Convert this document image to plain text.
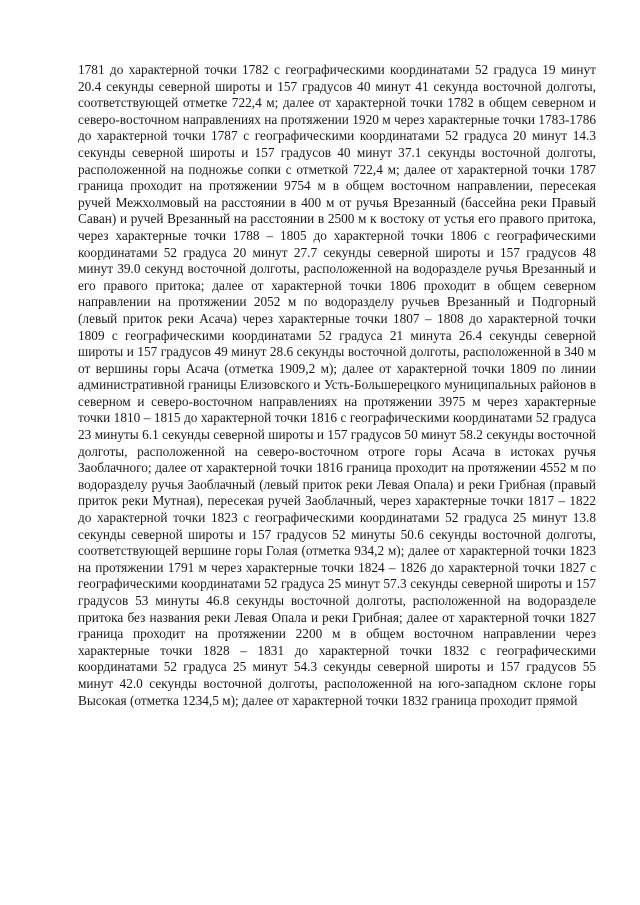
1781 до характерной точки 1782 с географическими координатами 52 градуса 19 минут 20.4 секунды северной широты и 157 градусов 40 минут 41 секунда восточной долготы, соответствующей отметке 722,4 м; далее от характерной точки 1782 в общем северном и северо-восточном направлениях на протяжении 1920 м через характерные точки 1783-1786 до характерной точки 1787 с географическими координатами 52 градуса 20 минут 14.3 секунды северной широты и 157 градусов 40 минут 37.1 секунды восточной долготы, расположенной на подножье сопки с отметкой 722,4 м; далее от характерной точки 1787 граница проходит на протяжении 9754 м в общем восточном направлении, пересекая ручей Межхолмовый на расстоянии в 400 м от ручья Врезанный (бассейна реки Правый Саван) и ручей Врезанный на расстоянии в 2500 м к востоку от устья его правого притока, через характерные точки 1788 – 1805 до характерной точки 1806 с географическими координатами 52 градуса 20 минут 27.7 секунды северной широты и 157 градусов 48 минут 39.0 секунд восточной долготы, расположенной на водоразделе ручья Врезанный и его правого притока; далее от характерной точки 1806 проходит в общем северном направлении на протяжении 2052 м по водоразделу ручьев Врезанный и Подгорный (левый приток реки Асача) через характерные точки 1807 – 1808 до характерной точки 1809 с географическими координатами 52 градуса 21 минута 26.4 секунды северной широты и 157 градусов 49 минут 28.6 секунды восточной долготы, расположенной в 340 м от вершины горы Асача (отметка 1909,2 м); далее от характерной точки 1809 по линии административной границы Елизовского и Усть-Большерецкого муниципальных районов в северном и северо-восточном направлениях на протяжении 3975 м через характерные точки 1810 – 1815 до характерной точки 1816 с географическими координатами 52 градуса 23 минуты 6.1 секунды северной широты и 157 градусов 50 минут 58.2 секунды восточной долготы, расположенной на северо-восточном отроге горы Асача в истоках ручья Заоблачного; далее от характерной точки 1816 граница проходит на протяжении 4552 м по водоразделу ручья Заоблачный (левый приток реки Левая Опала) и реки Грибная (правый приток реки Мутная), пересекая ручей Заоблачный, через характерные точки 1817 – 1822 до характерной точки 1823 с географическими координатами 52 градуса 25 минут 13.8 секунды северной широты и 157 градусов 52 минуты 50.6 секунды восточной долготы, соответствующей вершине горы Голая (отметка 934,2 м); далее от характерной точки 1823 на протяжении 1791 м через характерные точки 1824 – 1826 до характерной точки 1827 с географическими координатами 52 градуса 25 минут 57.3 секунды северной широты и 157 градусов 53 минуты 46.8 секунды восточной долготы, расположенной на водоразделе притока без названия реки Левая Опала и реки Грибная; далее от характерной точки 1827 граница проходит на протяжении 2200 м в общем восточном направлении через характерные точки 1828 – 1831 до характерной точки 1832 с географическими координатами 52 градуса 25 минут 54.3 секунды северной широты и 157 градусов 55 минут 42.0 секунды восточной долготы, расположенной на юго-западном склоне горы Высокая (отметка 1234,5 м); далее от характерной точки 1832 граница проходит прямой
